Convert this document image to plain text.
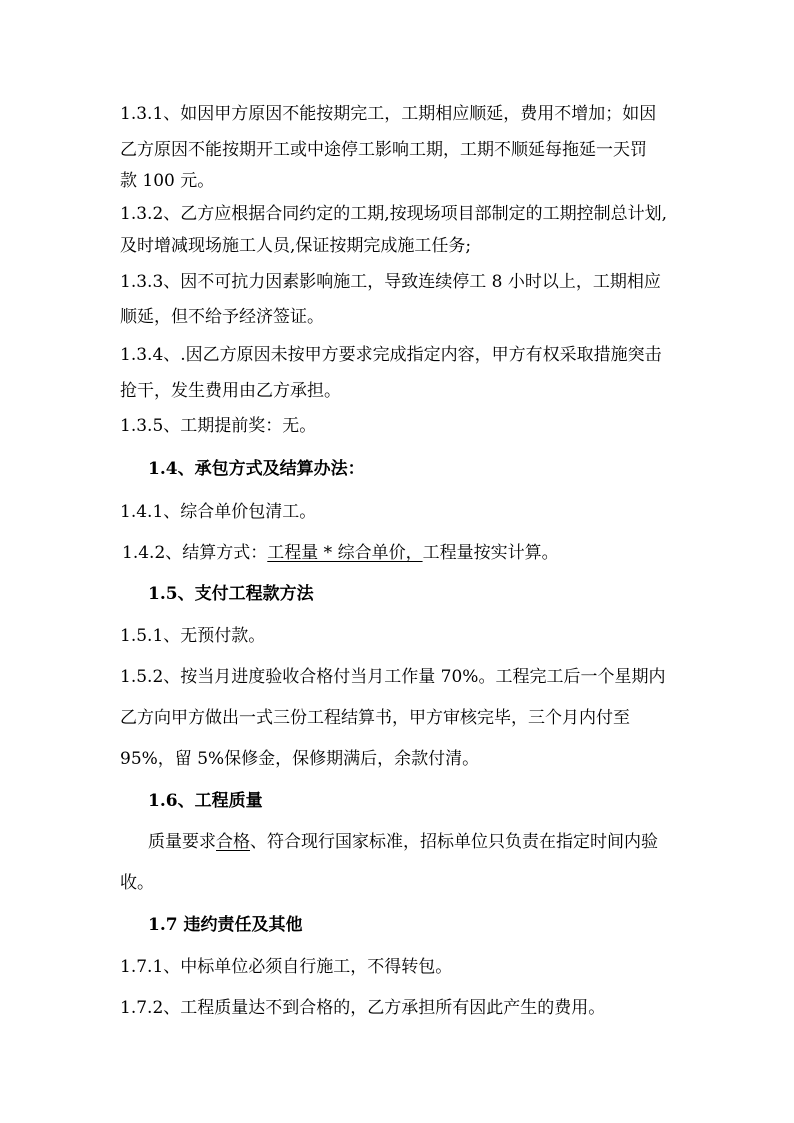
1.3.1、如因甲方原因不能按期完工，工期相应顺延，费用不增加；如因
乙方原因不能按期开工或中途停工影响工期，工期不顺延每拖延一天罚
款 100 元。
1.3.2、乙方应根据合同约定的工期,按现场项目部制定的工期控制总计划,
及时增减现场施工人员,保证按期完成施工任务;
1.3.3、因不可抗力因素影响施工，导致连续停工 8 小时以上，工期相应
顺延，但不给予经济签证。
1.3.4、.因乙方原因未按甲方要求完成指定内容，甲方有权采取措施突击
抢干，发生费用由乙方承担。
1.3.5、工期提前奖：无。
1.4、承包方式及结算办法：
1.4.1、综合单价包清工。
1.4.2、结算方式：工程量 * 综合单价，工程量按实计算。
1.5、支付工程款方法
1.5.1、无预付款。
1.5.2、按当月进度验收合格付当月工作量 70%。工程完工后一个星期内
乙方向甲方做出一式三份工程结算书，甲方审核完毕，三个月内付至
95%，留 5%保修金，保修期满后，余款付清。
1.6、工程质量
质量要求合格、符合现行国家标准，招标单位只负责在指定时间内验
收。
1.7 违约责任及其他
1.7.1、中标单位必须自行施工，不得转包。
1.7.2、工程质量达不到合格的，乙方承担所有因此产生的费用。
